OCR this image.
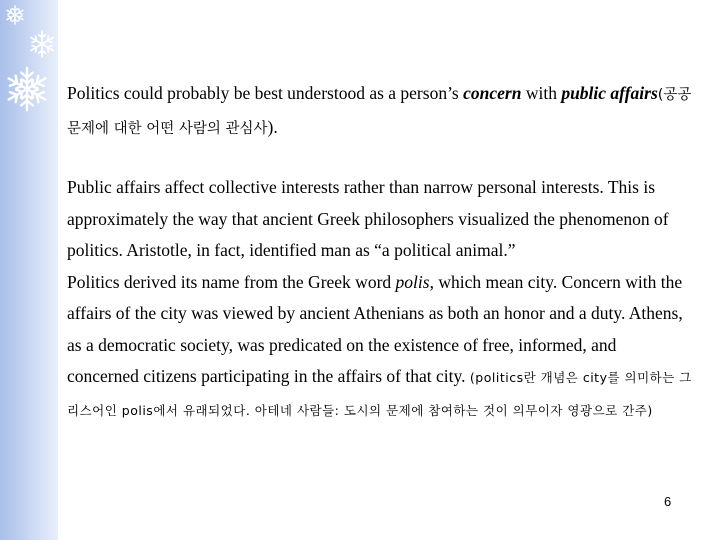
Politics could probably be best understood as a person’s concern with public affairs(공공문제에 대한 어떤 사람의 관심사).

Public affairs affect collective interests rather than narrow personal interests. This is approximately the way that ancient Greek philosophers visualized the phenomenon of politics. Aristotle, in fact, identified man as “a political animal.”

Politics derived its name from the Greek word polis, which mean city. Concern with the affairs of the city was viewed by ancient Athenians as both an honor and a duty. Athens, as a democratic society, was predicated on the existence of free, informed, and concerned citizens participating in the affairs of that city. (politics란 개념은 city를 의미하는 그리스어인 polis에서 유래되었다. 아테네 사람들: 도시의 문제에 참여하는 것이 의무이자 영광으로 간주)

6
